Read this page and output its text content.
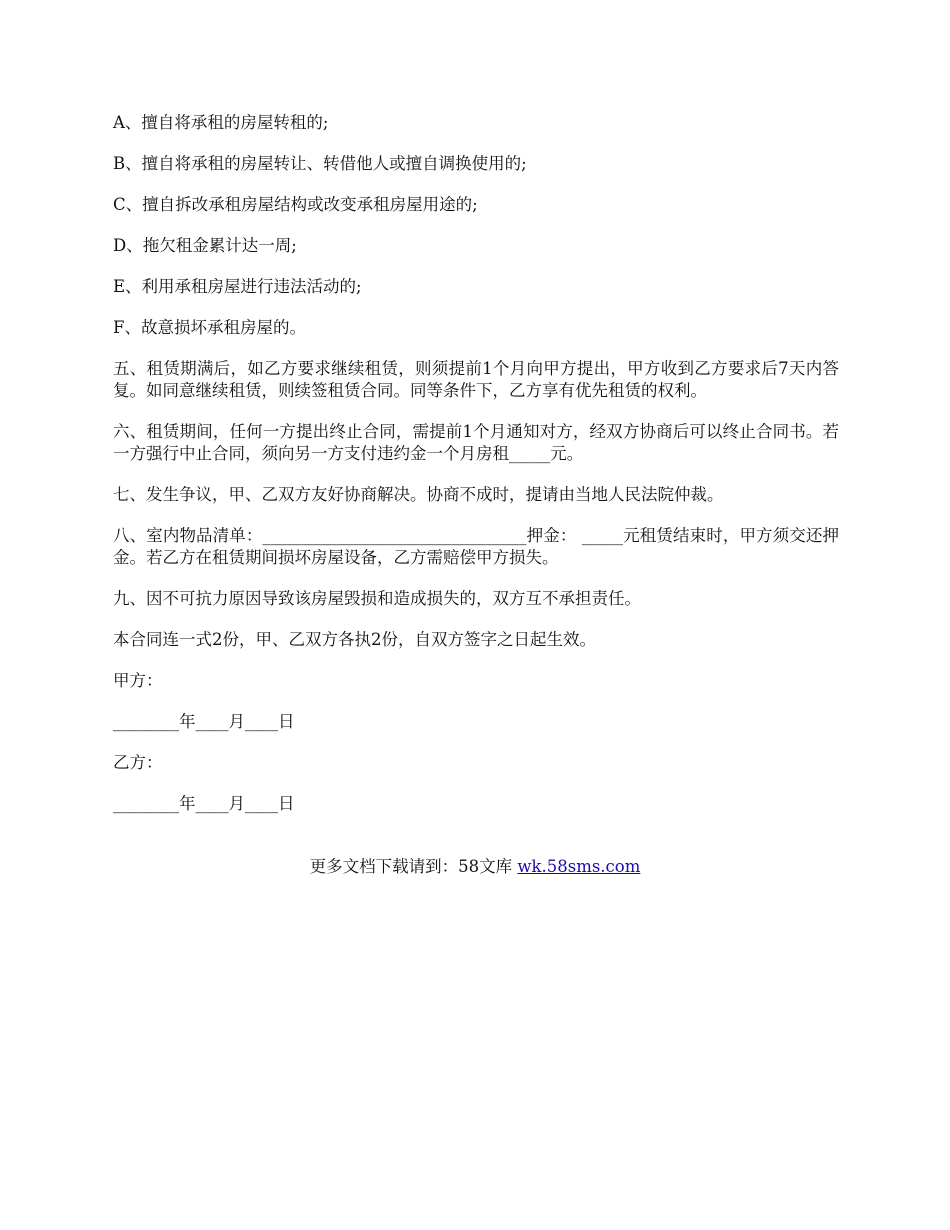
A、擅自将承租的房屋转租的;

B、擅自将承租的房屋转让、转借他人或擅自调换使用的;

C、擅自拆改承租房屋结构或改变承租房屋用途的;

D、拖欠租金累计达一周;

E、利用承租房屋进行违法活动的;

F、故意损坏承租房屋的。

五、租赁期满后，如乙方要求继续租赁，则须提前1个月向甲方提出，甲方收到乙方要求后7天内答复。如同意继续租赁，则续签租赁合同。同等条件下，乙方享有优先租赁的权利。

六、租赁期间，任何一方提出终止合同，需提前1个月通知对方，经双方协商后可以终止合同书。若一方强行中止合同，须向另一方支付违约金一个月房租_____元。

七、发生争议，甲、乙双方友好协商解决。协商不成时，提请由当地人民法院仲裁。

八、室内物品清单：________________________________押金： _____元租赁结束时，甲方须交还押金。若乙方在租赁期间损坏房屋设备，乙方需赔偿甲方损失。

九、因不可抗力原因导致该房屋毁损和造成损失的，双方互不承担责任。

本合同连一式2份，甲、乙双方各执2份，自双方签字之日起生效。

甲方：

________年____月____日

乙方：

________年____月____日

更多文档下载请到：58文库 wk.58sms.com
